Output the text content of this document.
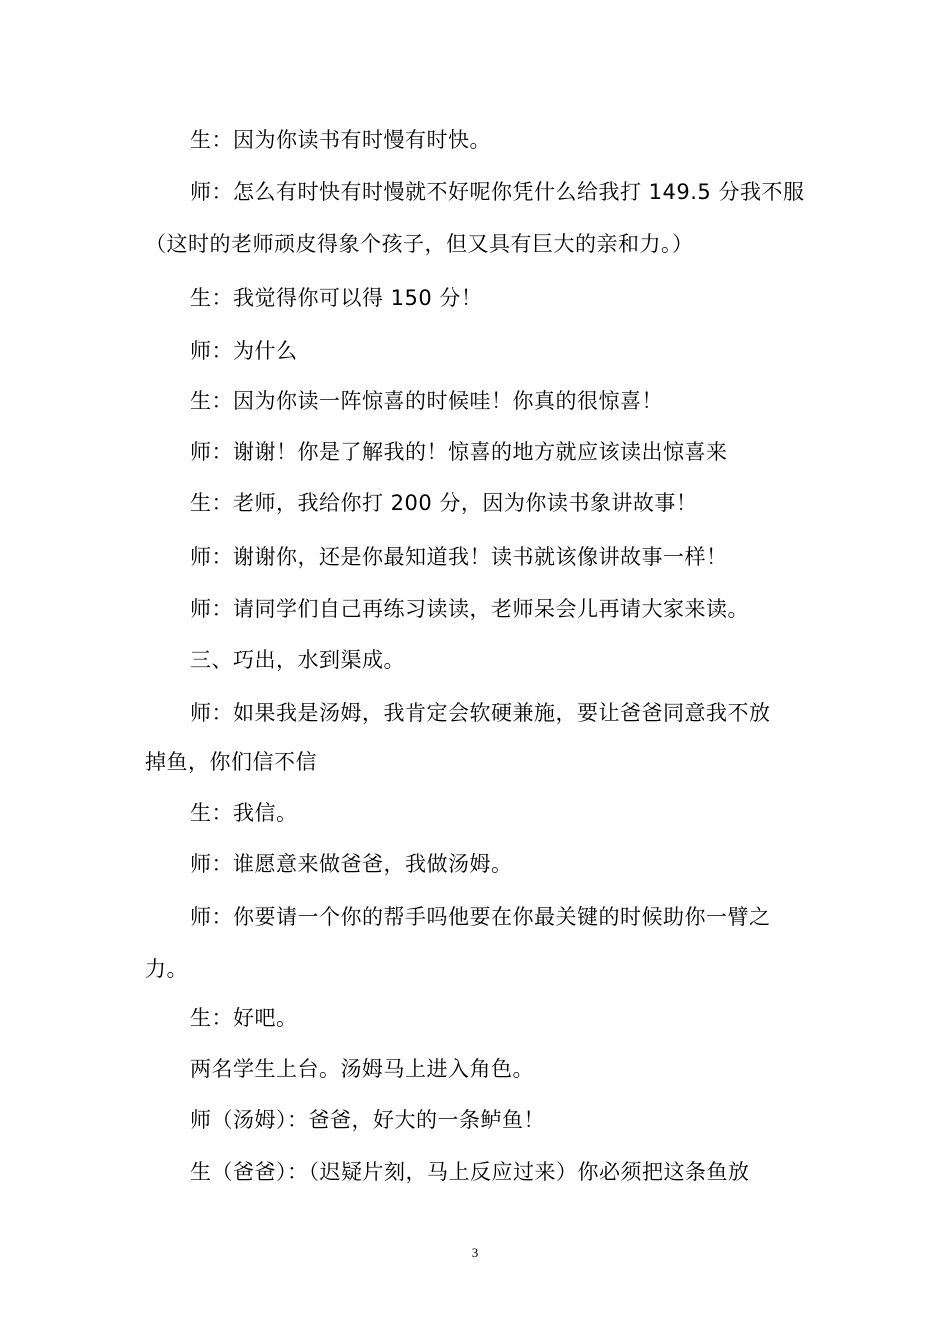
生：因为你读书有时慢有时快。
师：怎么有时快有时慢就不好呢你凭什么给我打 149.5 分我不服
（这时的老师顽皮得象个孩子，但又具有巨大的亲和力。）
生：我觉得你可以得 150 分！
师：为什么
生：因为你读一阵惊喜的时候哇！你真的很惊喜！
师：谢谢！你是了解我的！惊喜的地方就应该读出惊喜来
生：老师，我给你打 200 分，因为你读书象讲故事！
师：谢谢你，还是你最知道我！读书就该像讲故事一样！
师：请同学们自己再练习读读，老师呆会儿再请大家来读。
三、巧出，水到渠成。
师：如果我是汤姆，我肯定会软硬兼施，要让爸爸同意我不放
掉鱼，你们信不信
生：我信。
师：谁愿意来做爸爸，我做汤姆。
师：你要请一个你的帮手吗他要在你最关键的时候助你一臂之
力。
生：好吧。
两名学生上台。汤姆马上进入角色。
师（汤姆）：爸爸，好大的一条鲈鱼！
生（爸爸）：（迟疑片刻，马上反应过来）你必须把这条鱼放
3
